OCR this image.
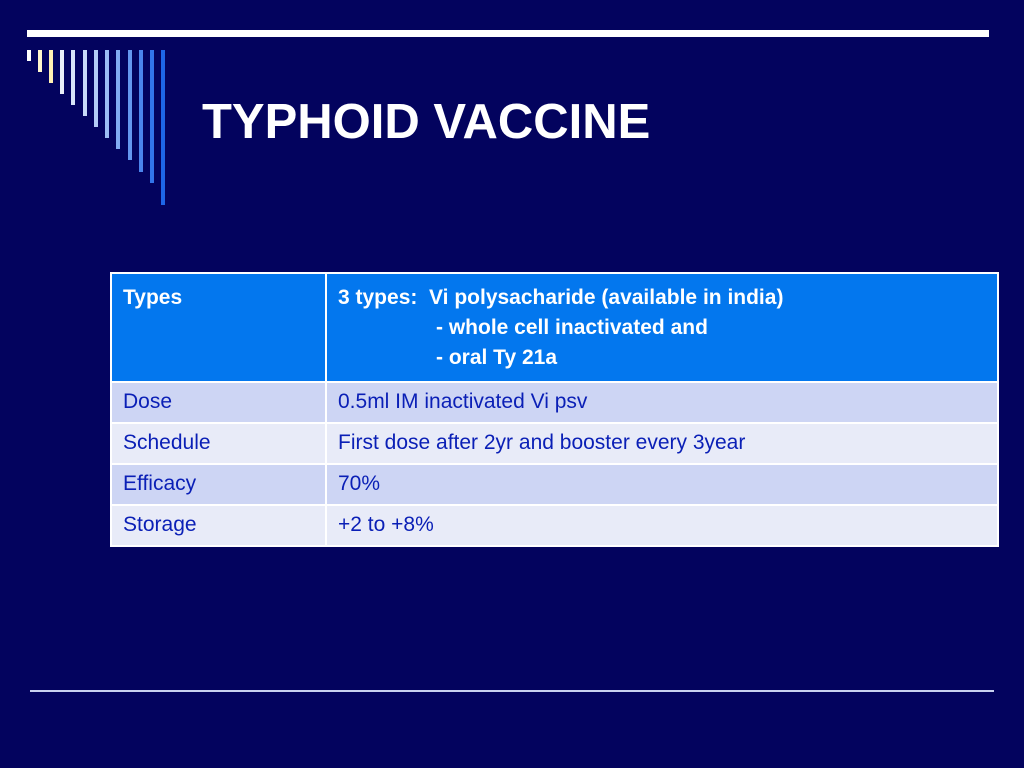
TYPHOID VACCINE
Types	3 types:  Vi polysacharide (available in india)
- whole cell inactivated and
- oral Ty 21a

Dose	0.5ml IM inactivated Vi psv
Schedule	First dose after 2yr and booster every 3year
Efficacy	70%
Storage	+2 to +8%
